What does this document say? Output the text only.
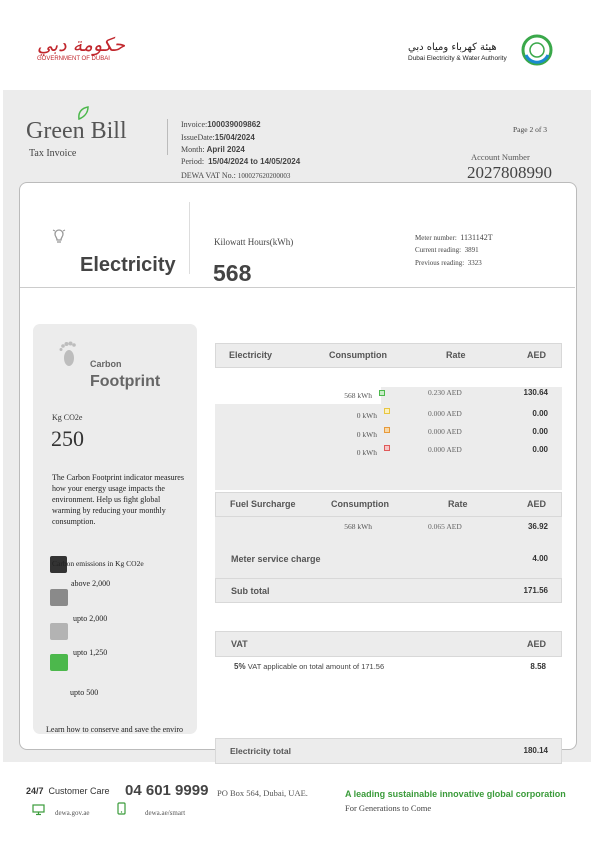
حكومة دبي
GOVERNMENT OF DUBAI
هيئة كهرباء ومياه دبي
Dubai Electricity & Water Authority
Green Bill
Tax Invoice
Invoice:100039009862
IssueDate:15/04/2024
Month: April 2024
Period: 15/04/2024 to 14/05/2024
DEWA VAT No.: 100027620200003
Page 2 of 3
Account Number
2027808990
Electricity
Kilowatt Hours(kWh)
568
Meter number: 1131142T
Current reading: 3891
Previous reading: 3323
Carbon
Footprint
Kg CO2e
250
The Carbon Footprint indicator measures how your energy usage impacts the environment. Help us fight global warming by reducing your monthly consumption.
Carbon emissions in Kg CO2e
above 2,000
upto 2,000
upto 1,250
upto 500
Learn how to conserve and save the enviro
Electricity	Consumption	Rate	AED
568 kWh	0.230 AED	130.64
0 kWh	0.000 AED	0.00
0 kWh	0.000 AED	0.00
0 kWh	0.000 AED	0.00
Fuel Surcharge	Consumption	Rate	AED
568 kWh	0.065 AED	36.92
Meter service charge	4.00
Sub total	171.56
VAT	AED
5% VAT applicable on total amount of 171.56	8.58
Electricity total	180.14
24/7 Customer Care 04 601 9999 PO Box 564, Dubai, UAE.	A leading sustainable innovative global corporation
For Generations to Come
dewa.gov.ae	dewa.ae/smart
